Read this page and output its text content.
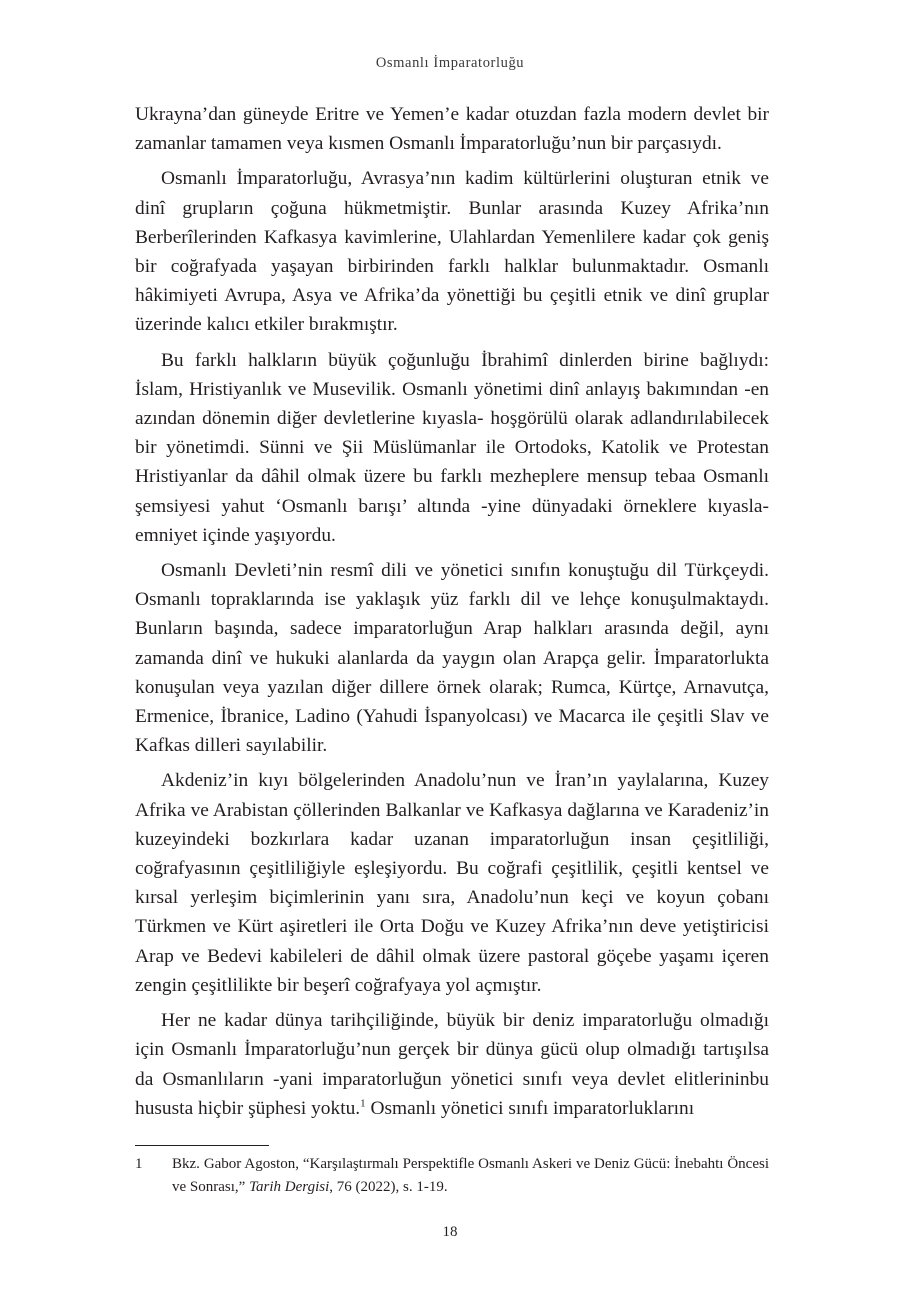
Osmanlı İmparatorluğu

Ukrayna’dan güneyde Eritre ve Yemen’e kadar otuzdan fazla modern devlet bir zamanlar tamamen veya kısmen Osmanlı İmparatorluğu’nun bir parçasıydı.

Osmanlı İmparatorluğu, Avrasya’nın kadim kültürlerini oluşturan etnik ve dinî grupların çoğuna hükmetmiştir. Bunlar arasında Kuzey Afrika’nın Berberîlerinden Kafkasya kavimlerine, Ulahlardan Yemenlilere kadar çok geniş bir coğrafyada yaşayan birbirinden farklı halklar bulunmaktadır. Osmanlı hâkimiyeti Avrupa, Asya ve Afrika’da yönettiği bu çeşitli etnik ve dinî gruplar üzerinde kalıcı etkiler bırakmıştır.

Bu farklı halkların büyük çoğunluğu İbrahimî dinlerden birine bağlıydı: İslam, Hristiyanlık ve Musevilik. Osmanlı yönetimi dinî anlayış bakımından -en azından dönemin diğer devletlerine kıyasla- hoşgörülü olarak adlandırılabilecek bir yönetimdi. Sünni ve Şii Müslümanlar ile Ortodoks, Katolik ve Protestan Hristiyanlar da dâhil olmak üzere bu farklı mezheplere mensup tebaa Osmanlı şemsiyesi yahut ‘Osmanlı barışı’ altında -yine dünyadaki örneklere kıyasla-emniyet içinde yaşıyordu.

Osmanlı Devleti’nin resmî dili ve yönetici sınıfın konuştuğu dil Türkçeydi. Osmanlı topraklarında ise yaklaşık yüz farklı dil ve lehçe konuşulmaktaydı. Bunların başında, sadece imparatorluğun Arap halkları arasında değil, aynı zamanda dinî ve hukuki alanlarda da yaygın olan Arapça gelir. İmparatorlukta konuşulan veya yazılan diğer dillere örnek olarak; Rumca, Kürtçe, Arnavutça, Ermenice, İbranice, Ladino (Yahudi İspanyolcası) ve Macarca ile çeşitli Slav ve Kafkas dilleri sayılabilir.

Akdeniz’in kıyı bölgelerinden Anadolu’nun ve İran’ın yaylalarına, Kuzey Afrika ve Arabistan çöllerinden Balkanlar ve Kafkasya dağlarına ve Karadeniz’in kuzeyindeki bozkırlara kadar uzanan imparatorluğun insan çeşitliliği, coğrafyasının çeşitliliğiyle eşleşiyordu. Bu coğrafi çeşitlilik, çeşitli kentsel ve kırsal yerleşim biçimlerinin yanı sıra, Anadolu’nun keçi ve koyun çobanı Türkmen ve Kürt aşiretleri ile Orta Doğu ve Kuzey Afrika’nın deve yetiştiricisi Arap ve Bedevi kabileleri de dâhil olmak üzere pastoral göçebe yaşamı içeren zengin çeşitlilikte bir beşerî coğrafyaya yol açmıştır.

Her ne kadar dünya tarihçiliğinde, büyük bir deniz imparatorluğu olmadığı için Osmanlı İmparatorluğu’nun gerçek bir dünya gücü olup olmadığı tartışılsa da Osmanlıların -yani imparatorluğun yönetici sınıfı veya devlet elitlerininbu hususta hiçbir şüphesi yoktu.$^1$ Osmanlı yönetici sınıfı imparatorluklarını

1 Bkz. Gabor Agoston, “Karşılaştırmalı Perspektifle Osmanlı Askeri ve Deniz Gücü: İnebahtı Öncesi ve Sonrası,” Tarih Dergisi, 76 (2022), s. 1-19.
18
